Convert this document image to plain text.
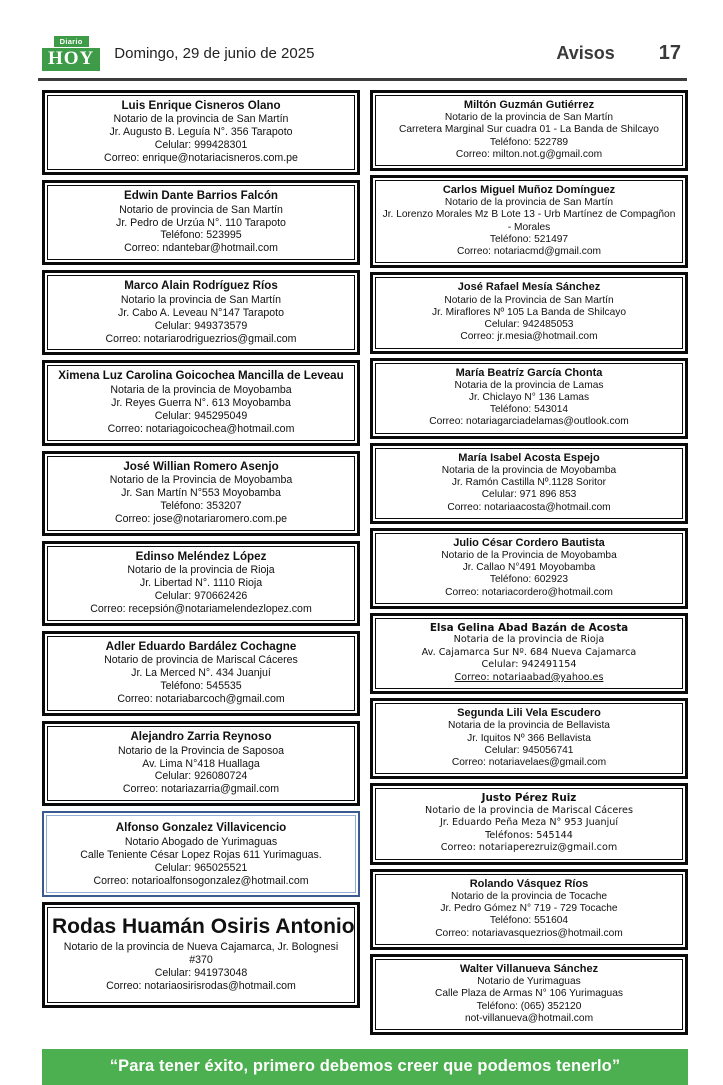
Diario
HOY	Domingo, 29 de junio de 2025	Avisos 17
Luis Enrique Cisneros Olano
Notario de la provincia de San Martín
Jr. Augusto B. Leguía N°. 356 Tarapoto
Celular: 999428301
Correo: enrique@notariacisneros.com.pe
Edwin Dante Barrios Falcón
Notario de provincia de San Martín
Jr. Pedro de Urzúa N°. 110 Tarapoto
Teléfono: 523995
Correo: ndantebar@hotmail.com
Marco Alain Rodríguez Ríos
Notario la provincia de San Martín
Jr. Cabo A. Leveau N°147 Tarapoto
Celular: 949373579
Correo: notariarodriguezrios@gmail.com
Ximena Luz Carolina Goicochea Mancilla de Leveau
Notaria de la provincia de Moyobamba
Jr. Reyes Guerra N°. 613 Moyobamba
Celular: 945295049
Correo: notariagoicochea@hotmail.com
José Willian Romero Asenjo
Notario de la Provincia de Moyobamba
Jr. San Martín N°553 Moyobamba
Teléfono: 353207
Correo: jose@notariaromero.com.pe
Edinso Meléndez López
Notario de la provincia de Rioja
Jr. Libertad N°. 1110 Rioja
Celular: 970662426
Correo: recepsión@notariamelendezlopez.com
Adler Eduardo Bardález Cochagne
Notario de provincia de Mariscal Cáceres
Jr. La Merced N°. 434 Juanjuí
Teléfono: 545535
Correo: notariabarcoch@gmail.com
Alejandro Zarria Reynoso
Notario de la Provincia de Saposoa
Av. Lima N°418 Huallaga
Celular: 926080724
Correo: notariazarria@gmail.com
Alfonso Gonzalez Villavicencio
Notario Abogado de Yurimaguas
Calle Teniente César Lopez Rojas 611 Yurimaguas.
Celular: 965025521
Correo: notarioalfonsogonzalez@hotmail.com
Rodas Huamán Osiris Antonio
Notario de la provincia de Nueva Cajamarca, Jr. Bolognesi #370
Celular: 941973048
Correo: notariaosirisrodas@hotmail.com
Miltón Guzmán Gutiérrez
Notario de la provincia de San Martín
Carretera Marginal Sur cuadra 01 - La Banda de Shilcayo
Teléfono: 522789
Correo: milton.not.g@gmail.com
Carlos Miguel Muñoz Domínguez
Notario de la provincia de San Martín
Jr. Lorenzo Morales Mz B Lote 13 - Urb Martínez de Compagñon
- Morales
Teléfono: 521497
Correo: notariacmd@gmail.com
José Rafael Mesía Sánchez
Notario de la Provincia de San Martín
Jr. Miraflores Nº 105 La Banda de Shilcayo
Celular: 942485053
Correo: jr.mesia@hotmail.com
María Beatríz García Chonta
Notaria de la provincia de Lamas
Jr. Chiclayo N° 136 Lamas
Teléfono: 543014
Correo: notariagarciadelamas@outlook.com
María Isabel Acosta Espejo
Notaria de la provincia de Moyobamba
Jr. Ramón Castilla Nº.1128 Soritor
Celular: 971 896 853
Correo: notariaacosta@hotmail.com
Julio César Cordero Bautista
Notario de la Provincia de Moyobamba
Jr. Callao N°491 Moyobamba
Teléfono: 602923
Correo: notariacordero@hotmail.com
Elsa Gelina Abad Bazán de Acosta
Notaria de la provincia de Rioja
Av. Cajamarca Sur Nº. 684 Nueva Cajamarca
Celular: 942491154
Correo: notariaabad@yahoo.es
Segunda Lili Vela Escudero
Notaria de la provincia de Bellavista
Jr. Iquitos Nº 366 Bellavista
Celular: 945056741
Correo: notariavelaes@gmail.com
Justo Pérez Ruiz
Notario de la provincia de Mariscal Cáceres
Jr. Eduardo Peña Meza N° 953 Juanjuí
Teléfonos: 545144
Correo: notariaperezruiz@gmail.com
Rolando Vásquez Ríos
Notario de la provincia de Tocache
Jr. Pedro Gómez N° 719 - 729 Tocache
Teléfono: 551604
Correo: notariavasquezrios@hotmail.com
Walter Villanueva Sánchez
Notario de Yurimaguas
Calle Plaza de Armas N° 106 Yurimaguas
Teléfono: (065) 352120
not-villanueva@hotmail.com
“Para tener éxito, primero debemos creer que podemos tenerlo”
